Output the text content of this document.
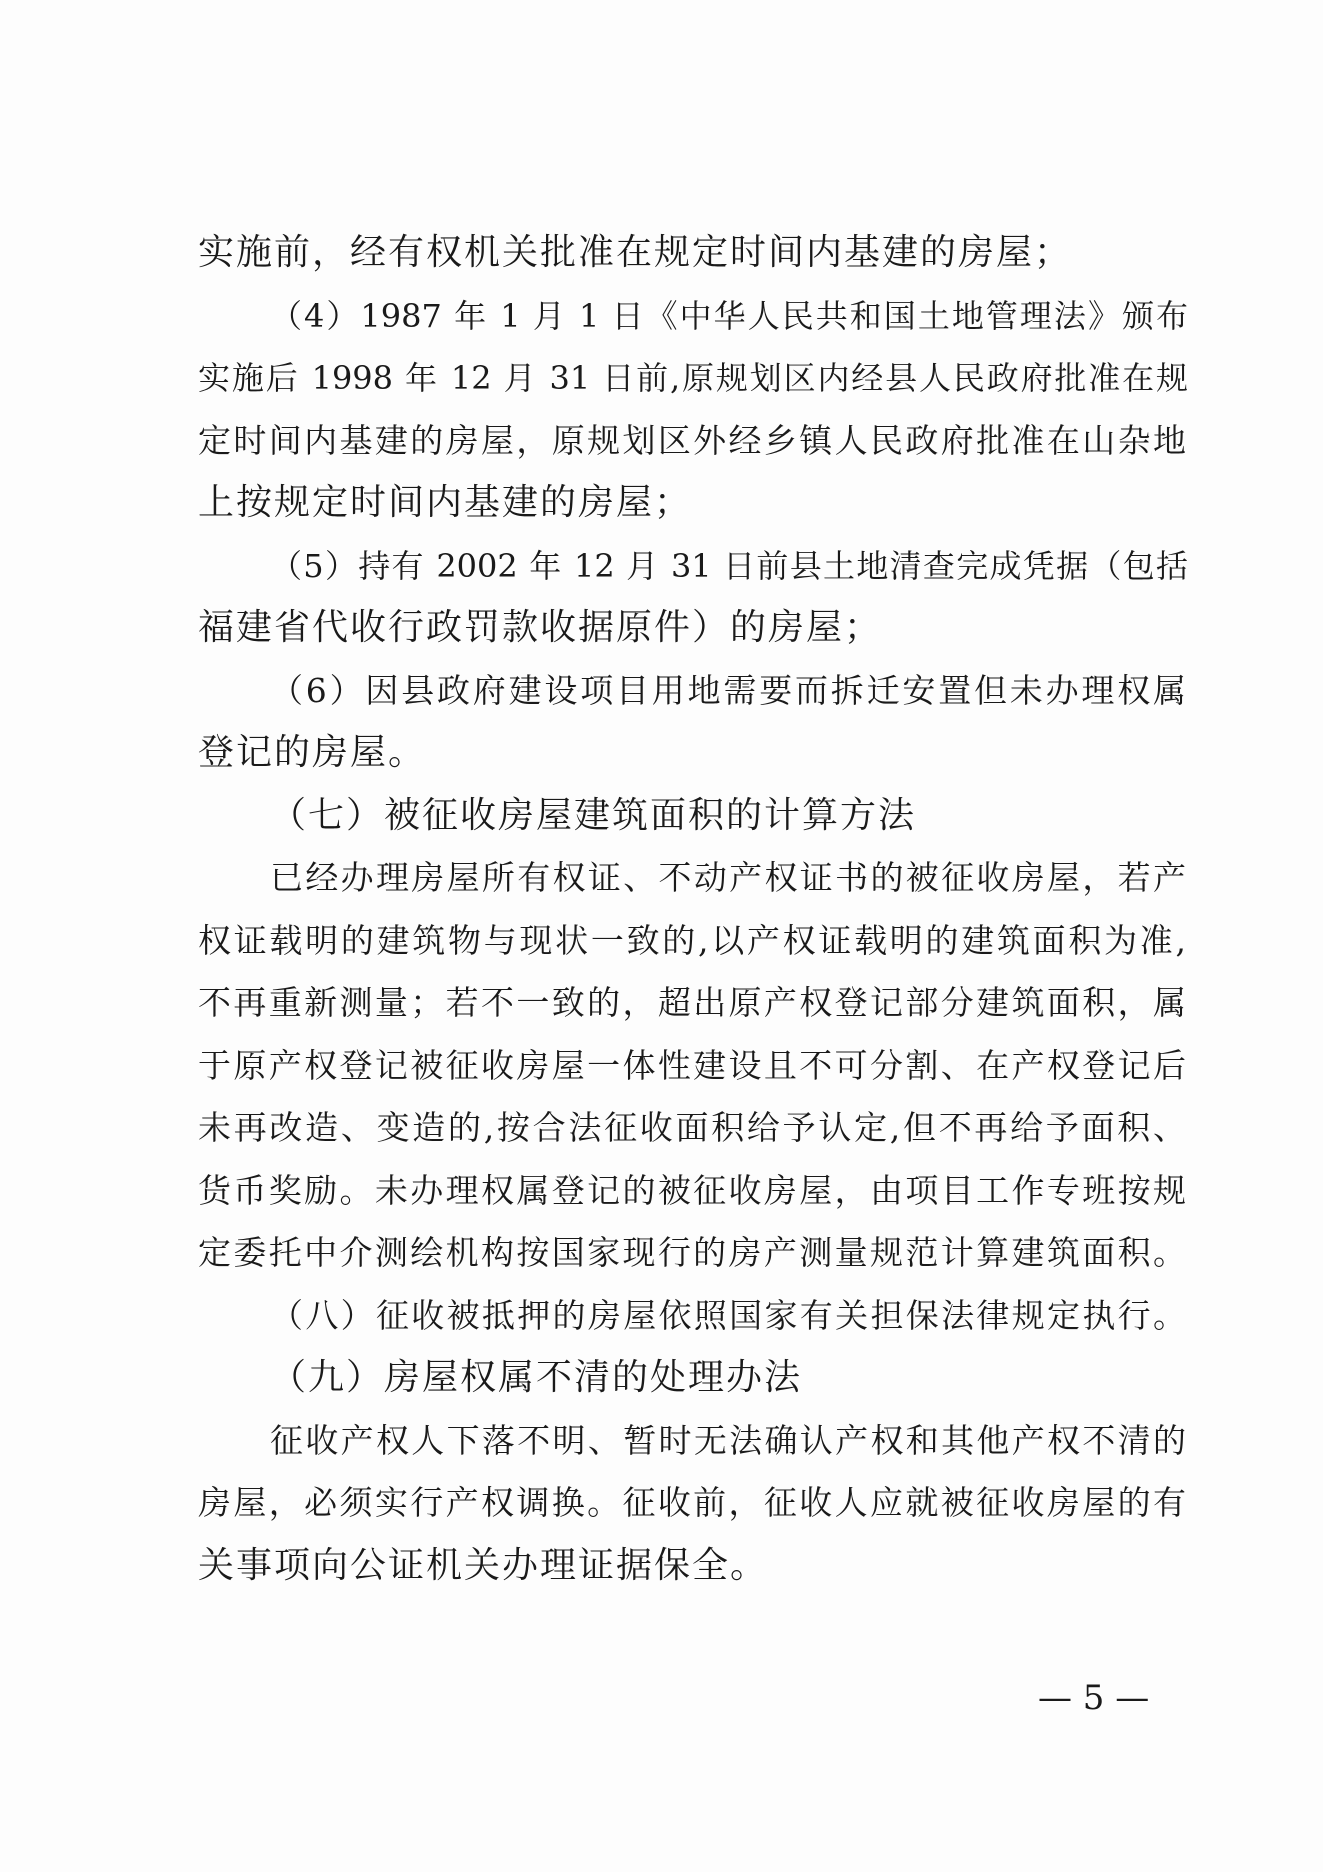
实施前，经有权机关批准在规定时间内基建的房屋；
（4）1987 年 1 月 1 日《中华人民共和国土地管理法》颁布
实施后 1998 年 12 月 31 日前,原规划区内经县人民政府批准在规
定时间内基建的房屋，原规划区外经乡镇人民政府批准在山杂地
上按规定时间内基建的房屋；
（5）持有 2002 年 12 月 31 日前县土地清查完成凭据（包括
福建省代收行政罚款收据原件）的房屋；
（6）因县政府建设项目用地需要而拆迁安置但未办理权属
登记的房屋。
（七）被征收房屋建筑面积的计算方法
已经办理房屋所有权证、不动产权证书的被征收房屋，若产
权证载明的建筑物与现状一致的,以产权证载明的建筑面积为准,
不再重新测量；若不一致的，超出原产权登记部分建筑面积，属
于原产权登记被征收房屋一体性建设且不可分割、在产权登记后
未再改造、变造的,按合法征收面积给予认定,但不再给予面积、
货币奖励。未办理权属登记的被征收房屋，由项目工作专班按规
定委托中介测绘机构按国家现行的房产测量规范计算建筑面积。
（八）征收被抵押的房屋依照国家有关担保法律规定执行。
（九）房屋权属不清的处理办法
征收产权人下落不明、暂时无法确认产权和其他产权不清的
房屋，必须实行产权调换。征收前，征收人应就被征收房屋的有
关事项向公证机关办理证据保全。
— 5 —
